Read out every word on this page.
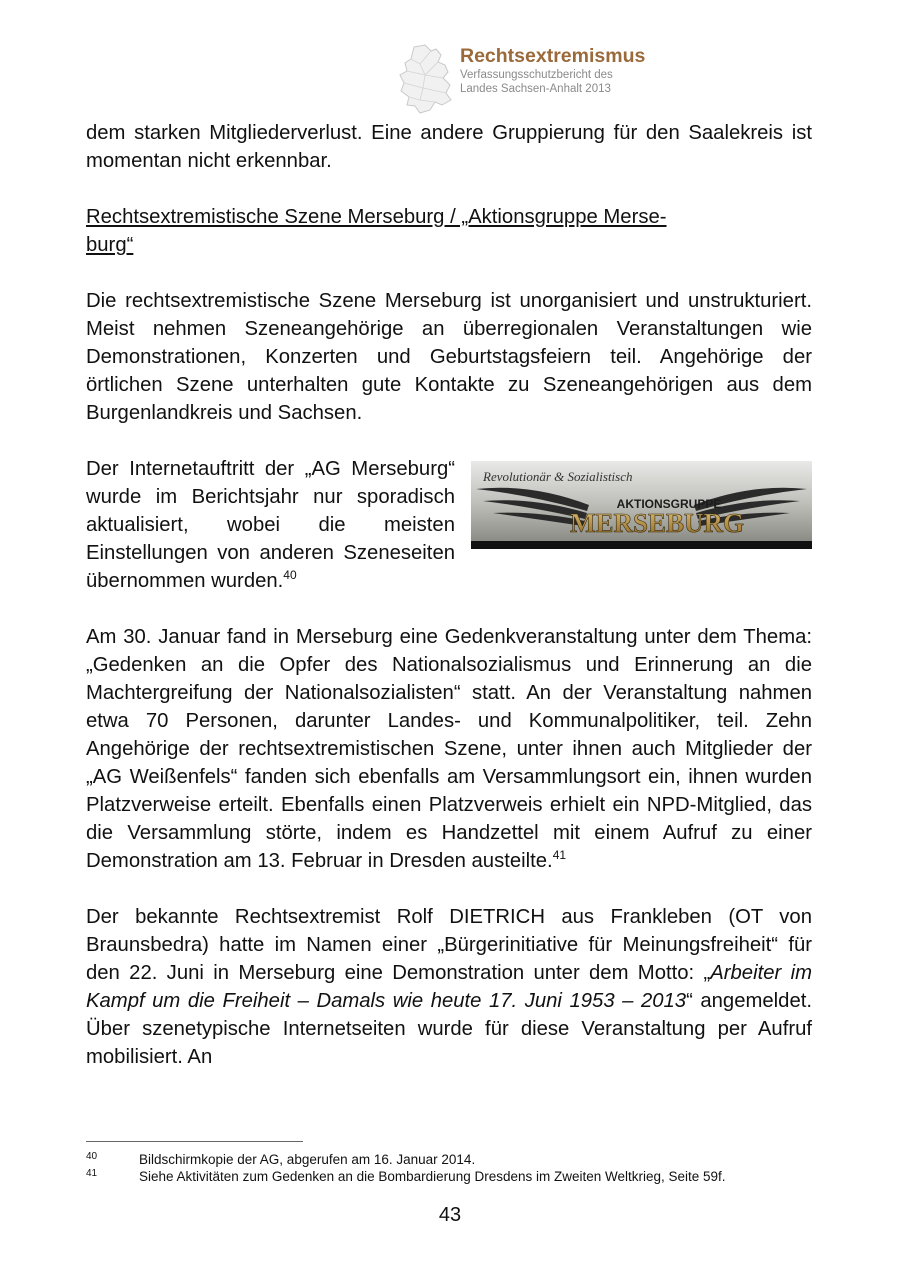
Rechtsextremismus
Verfassungsschutzbericht des
Landes Sachsen-Anhalt 2013

dem starken Mitgliederverlust. Eine andere Gruppierung für den Saalekreis ist momentan nicht erkennbar.

Rechtsextremistische Szene Merseburg / „Aktionsgruppe Merse-
burg“

Die rechtsextremistische Szene Merseburg ist unorganisiert und unstrukturiert. Meist nehmen Szeneangehörige an überregionalen Veranstaltungen wie Demonstrationen, Konzerten und Geburtstagsfeiern teil. Angehörige der örtlichen Szene unterhalten gute Kontakte zu Szeneangehörigen aus dem Burgenlandkreis und Sachsen.

Revolutionär & Sozialistisch
AKTIONSGRUPPE
MERSEBURG
Der Internetauftritt der „AG Merseburg“ wurde im Berichtsjahr nur sporadisch aktualisiert, wobei die meisten Einstellungen von anderen Szeneseiten übernommen wurden.$^{40}$

Am 30. Januar fand in Merseburg eine Gedenkveranstaltung unter dem Thema: „Gedenken an die Opfer des Nationalsozialismus und Erinnerung an die Machtergreifung der Nationalsozialisten“ statt. An der Veranstaltung nahmen etwa 70 Personen, darunter Landes- und Kommunalpolitiker, teil. Zehn Angehörige der rechtsextremistischen Szene, unter ihnen auch Mitglieder der „AG Weißenfels“ fanden sich ebenfalls am Versammlungsort ein, ihnen wurden Platzverweise erteilt. Ebenfalls einen Platzverweis erhielt ein NPD-Mitglied, das die Versammlung störte, indem es Handzettel mit einem Aufruf zu einer Demonstration am 13. Februar in Dresden austeilte.$^{41}$

Der bekannte Rechtsextremist Rolf DIETRICH aus Frankleben (OT von Braunsbedra) hatte im Namen einer „Bürgerinitiative für Meinungsfreiheit“ für den 22. Juni in Merseburg eine Demonstration unter dem Motto: „Arbeiter im Kampf um die Freiheit – Damals wie heute 17. Juni 1953 – 2013“ angemeldet. Über szenetypische Internetseiten wurde für diese Veranstaltung per Aufruf mobilisiert. An

40	Bildschirmkopie der AG, abgerufen am 16. Januar 2014.
41	Siehe Aktivitäten zum Gedenken an die Bombardierung Dresdens im Zweiten Weltkrieg, Seite 59f.
43
